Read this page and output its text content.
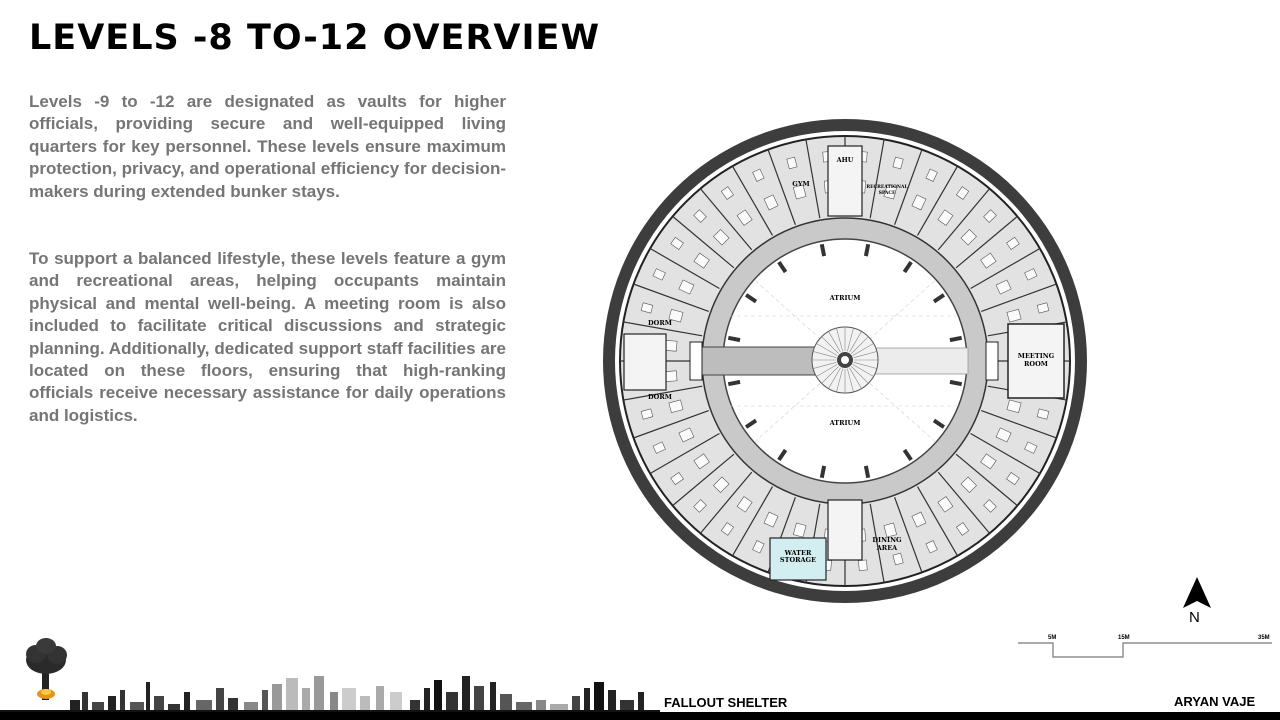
LEVELS -8 TO-12 OVERVIEW

Levels -9 to -12 are designated as vaults for higher officials, providing secure and well-equipped living quarters for key personnel. These levels ensure maximum protection, privacy, and operational efficiency for decision-makers during extended bunker stays.

To support a balanced lifestyle, these levels feature a gym and recreational areas, helping occupants maintain physical and mental well-being. A meeting room is also included to facilitate critical discussions and strategic planning. Additionally, dedicated support staff facilities are located on these floors, ensuring that high-ranking officials receive necessary assistance for daily operations and logistics.

AHU
GYM	RECREATIONAL
SPACE
ATRIUM
ATRIUM
DORM
DORM
MEETING
ROOM
WATER
STORAGE
DINING
AREA
N
5M	15M	35M
FALLOUT SHELTER	ARYAN VAJE
